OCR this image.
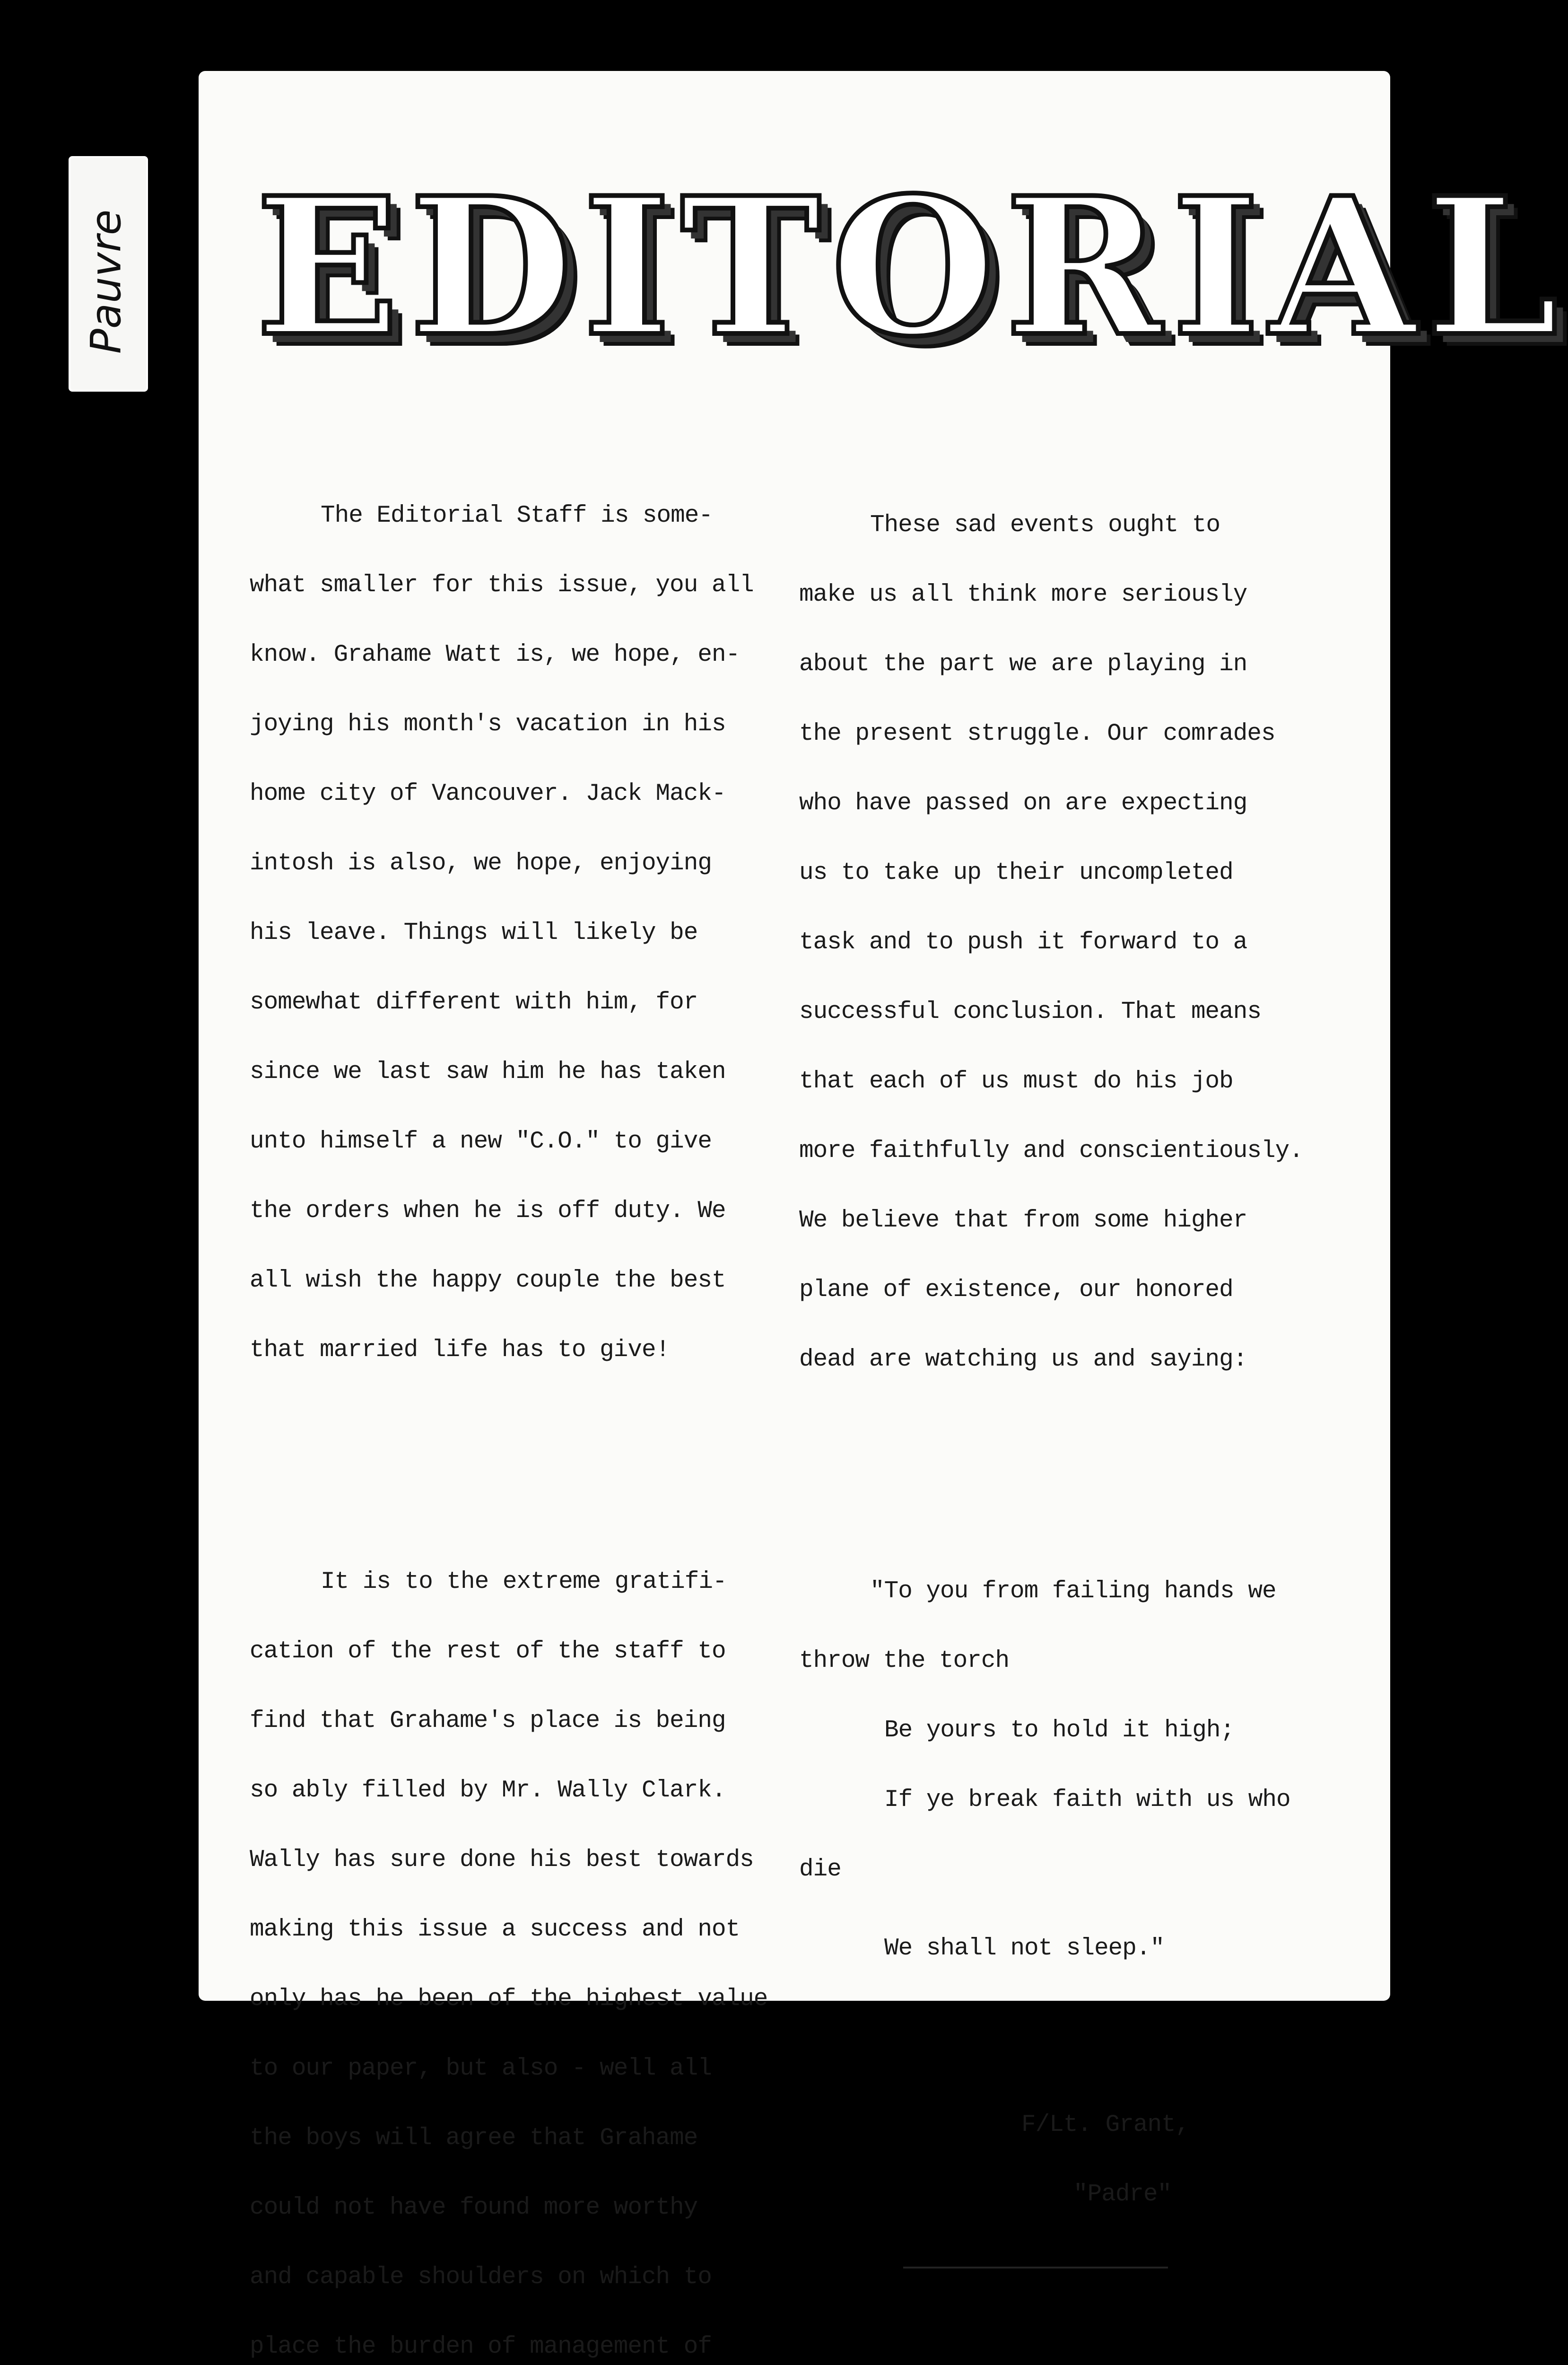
Pauvre EDITORIAL

The Editorial Staff is some-

what smaller for this issue, you all

know. Grahame Watt is, we hope, en-

joying his month's vacation in his

home city of Vancouver. Jack Mack-

intosh is also, we hope, enjoying

his leave. Things will likely be

somewhat different with him, for

since we last saw him he has taken

unto himself a new "C.O." to give

the orders when he is off duty. We

all wish the happy couple the best

that married life has to give!

It is to the extreme gratifi-

cation of the rest of the staff to

find that Grahame's place is being

so ably filled by Mr. Wally Clark.

Wally has sure done his best towards

making this issue a success and not

only has he been of the highest value

to our paper, but also - well all

the boys will agree that Grahame

could not have found more worthy

and capable shoulders on which to

place the burden of management of

These sad events ought to

make us all think more seriously

about the part we are playing in

the present struggle. Our comrades

who have passed on are expecting

us to take up their uncompleted

task and to push it forward to a

successful conclusion. That means

that each of us must do his job

more faithfully and conscientiously.

We believe that from some higher

plane of existence, our honored

dead are watching us and saying:

"To you from failing hands we

throw the torch

Be yours to hold it high;

If ye break faith with us who

die

We shall not sleep."

F/Lt. Grant,

"Padre"
